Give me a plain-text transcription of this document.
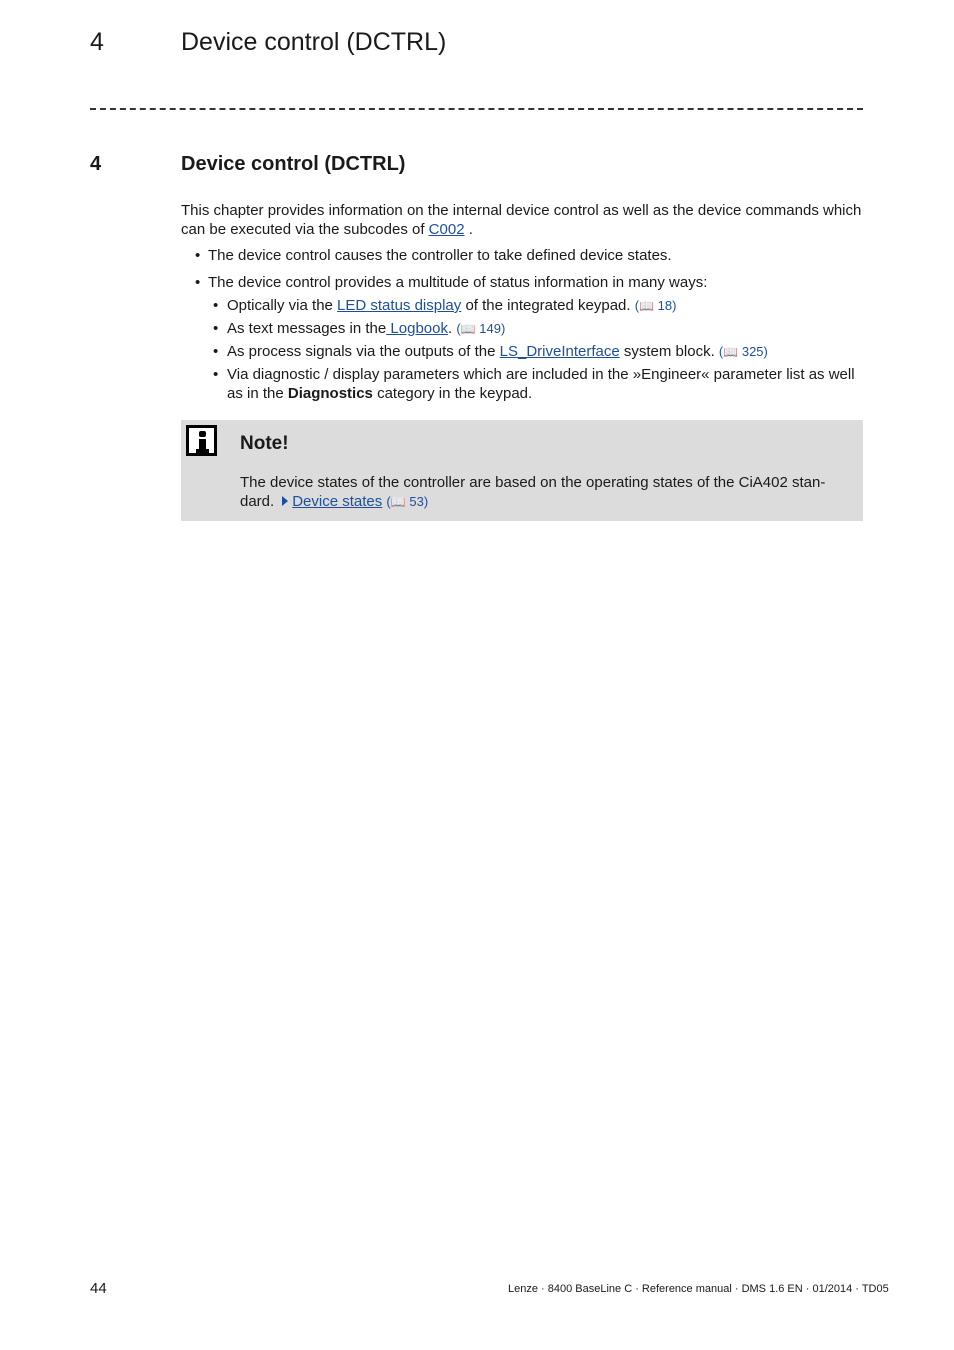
4	Device control (DCTRL)
4	Device control (DCTRL)
This chapter provides information on the internal device control as well as the device commands which can be executed via the subcodes of C002 .
• The device control causes the controller to take defined device states.
• The device control provides a multitude of status information in many ways:
• Optically via the LED status display of the integrated keypad. (📖 18)
• As text messages in the Logbook. (📖 149)
• As process signals via the outputs of the LS_DriveInterface system block. (📖 325)
• Via diagnostic / display parameters which are included in the »Engineer« parameter list as well as in the Diagnostics category in the keypad.
Note!
The device states of the controller are based on the operating states of the CiA402 stan-dard. Device states (📖 53)
44	Lenze · 8400 BaseLine C · Reference manual · DMS 1.6 EN · 01/2014 · TD05
